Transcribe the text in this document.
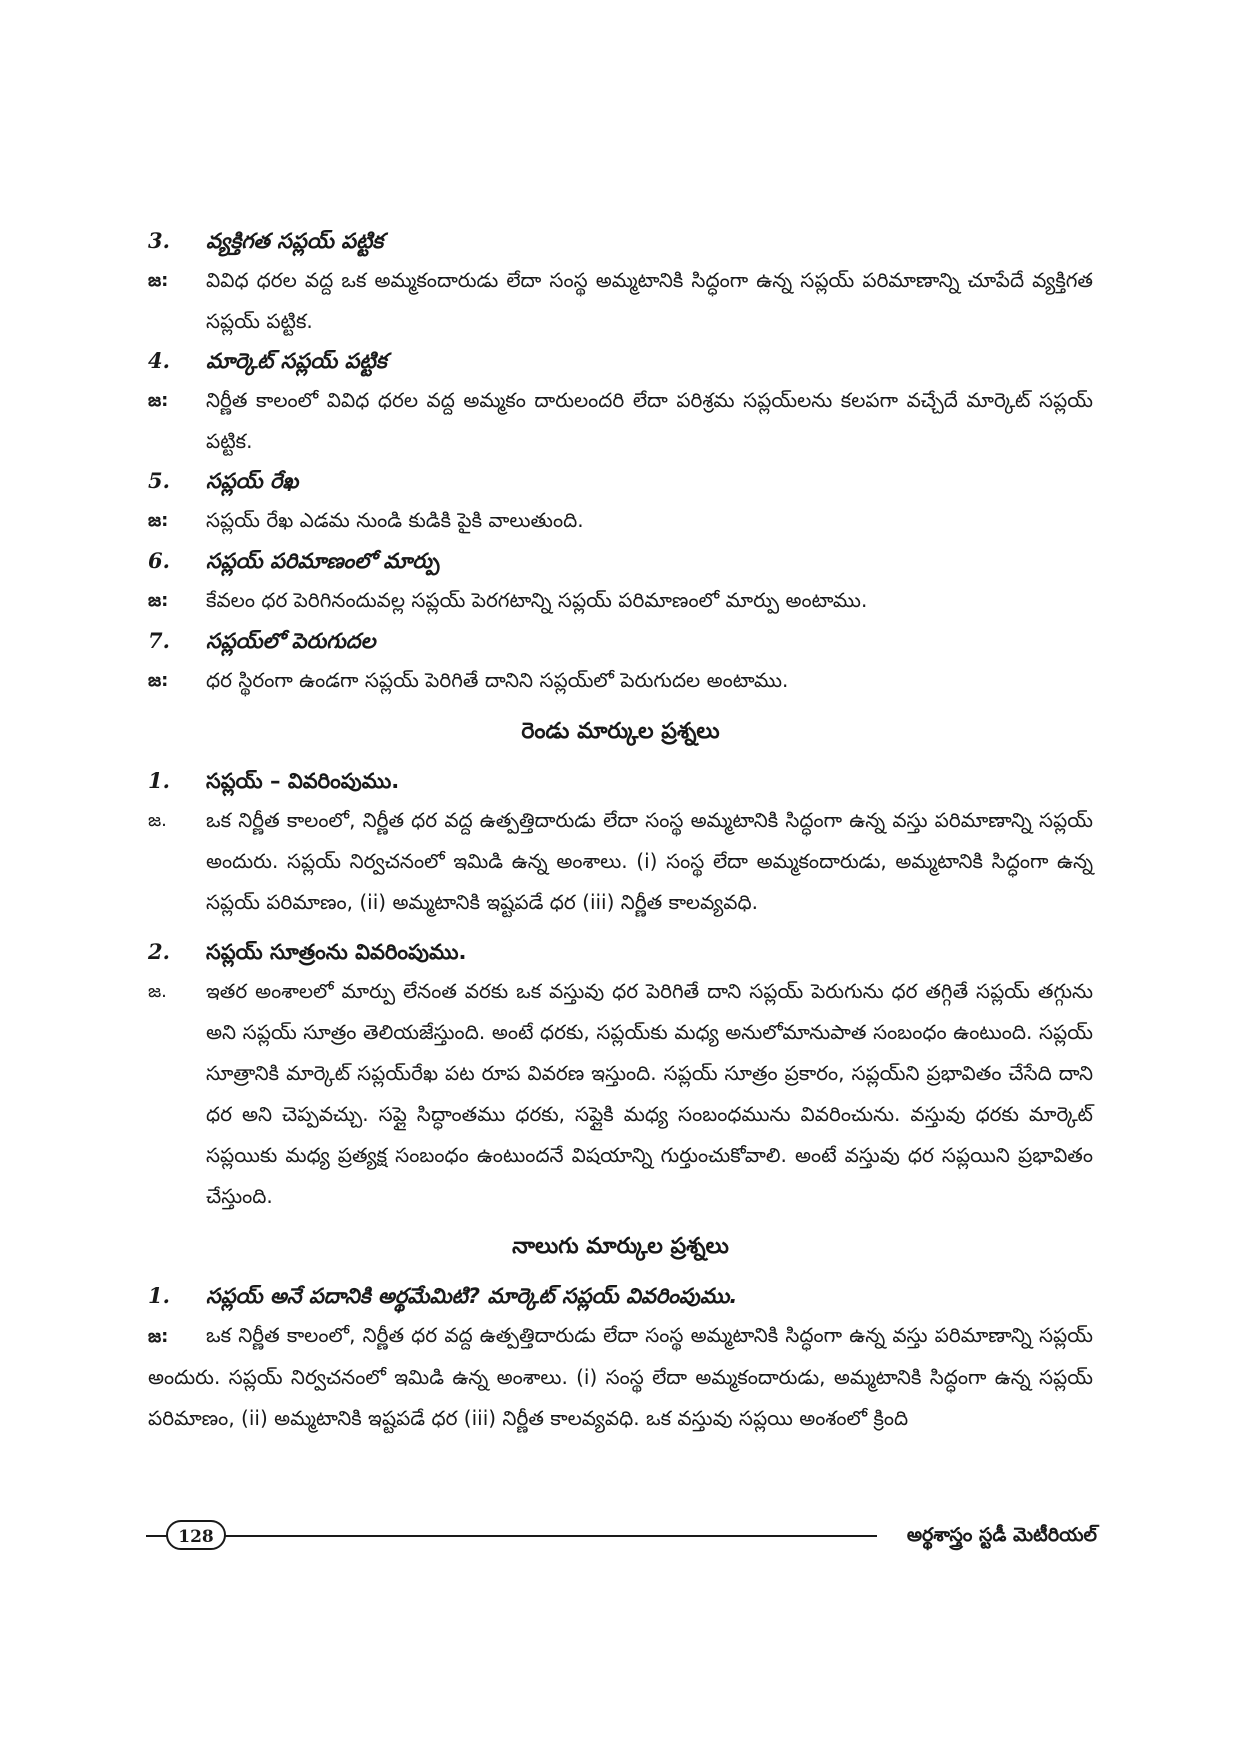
3.	వ్యక్తిగత సప్లయ్ పట్టిక
జ:	వివిధ ధరల వద్ద ఒక అమ్మకందారుడు లేదా సంస్థ అమ్మటానికి సిద్ధంగా ఉన్న సప్లయ్ పరిమాణాన్ని చూపేదే వ్యక్తిగత సప్లయ్ పట్టిక.
4.	మార్కెట్ సప్లయ్ పట్టిక
జ:	నిర్ణీత కాలంలో వివిధ ధరల వద్ద అమ్మకం దారులందరి లేదా పరిశ్రమ సప్లయ్‌లను కలపగా వచ్చేదే మార్కెట్ సప్లయ్ పట్టిక.
5.	సప్లయ్ రేఖ
జ:	సప్లయ్ రేఖ ఎడమ నుండి కుడికి పైకి వాలుతుంది.
6.	సప్లయ్ పరిమాణంలో మార్పు
జ:	కేవలం ధర పెరిగినందువల్ల సప్లయ్ పెరగటాన్ని సప్లయ్ పరిమాణంలో మార్పు అంటాము.
7.	సప్లయ్‌లో పెరుగుదల
జ:	ధర స్థిరంగా ఉండగా సప్లయ్ పెరిగితే దానిని సప్లయ్‌లో పెరుగుదల అంటాము.
రెండు మార్కుల ప్రశ్నలు
1.	సప్లయ్ – వివరింపుము.
జ.	ఒక నిర్ణీత కాలంలో, నిర్ణీత ధర వద్ద ఉత్పత్తిదారుడు లేదా సంస్థ అమ్మటానికి సిద్ధంగా ఉన్న వస్తు పరిమాణాన్ని సప్లయ్ అందురు. సప్లయ్ నిర్వచనంలో ఇమిడి ఉన్న అంశాలు. (i) సంస్థ లేదా అమ్మకందారుడు, అమ్మటానికి సిద్ధంగా ఉన్న సప్లయ్ పరిమాణం, (ii) అమ్మటానికి ఇష్టపడే ధర (iii) నిర్ణీత కాలవ్యవధి.
2.	సప్లయ్ సూత్రంను వివరింపుము.
జ.	ఇతర అంశాలలో మార్పు లేనంత వరకు ఒక వస్తువు ధర పెరిగితే దాని సప్లయ్ పెరుగును ధర తగ్గితే సప్లయ్ తగ్గును అని సప్లయ్ సూత్రం తెలియజేస్తుంది. అంటే ధరకు, సప్లయ్‌కు మధ్య అనులోమానుపాత సంబంధం ఉంటుంది. సప్లయ్ సూత్రానికి మార్కెట్ సప్లయ్‌రేఖ పట రూప వివరణ ఇస్తుంది. సప్లయ్ సూత్రం ప్రకారం, సప్లయ్‌ని ప్రభావితం చేసేది దాని ధర అని చెప్పవచ్చు. సప్లై సిద్ధాంతము ధరకు, సప్లైకి మధ్య సంబంధమును వివరించును. వస్తువు ధరకు మార్కెట్ సప్లయికు మధ్య ప్రత్యక్ష సంబంధం ఉంటుందనే విషయాన్ని గుర్తుంచుకోవాలి. అంటే వస్తువు ధర సప్లయిని ప్రభావితం చేస్తుంది.
నాలుగు మార్కుల ప్రశ్నలు
1.	సప్లయ్ అనే పదానికి అర్థమేమిటి? మార్కెట్ సప్లయ్ వివరింపుము.
జ: ఒక నిర్ణీత కాలంలో, నిర్ణీత ధర వద్ద ఉత్పత్తిదారుడు లేదా సంస్థ అమ్మటానికి సిద్ధంగా ఉన్న వస్తు పరిమాణాన్ని సప్లయ్ అందురు. సప్లయ్ నిర్వచనంలో ఇమిడి ఉన్న అంశాలు. (i) సంస్థ లేదా అమ్మకందారుడు, అమ్మటానికి సిద్ధంగా ఉన్న సప్లయ్ పరిమాణం, (ii) అమ్మటానికి ఇష్టపడే ధర (iii) నిర్ణీత కాలవ్యవధి. ఒక వస్తువు సప్లయి అంశంలో క్రింది
128	అర్థశాస్త్రం స్టడీ మెటీరియల్
